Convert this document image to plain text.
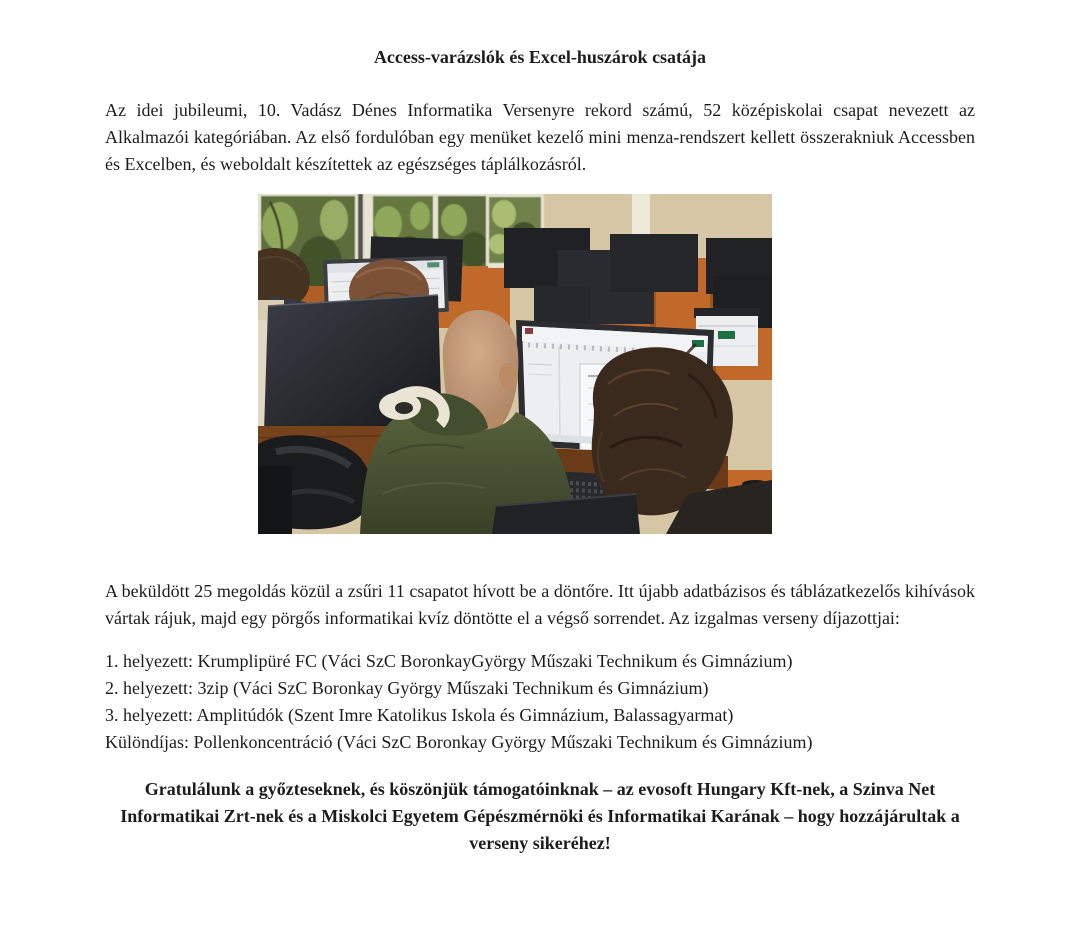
Access-varázslók és Excel-huszárok csatája

Az idei jubileumi, 10. Vadász Dénes Informatika Versenyre rekord számú, 52 középiskolai csapat nevezett az Alkalmazói kategóriában. Az első fordulóban egy menüket kezelő mini menza-rendszert kellett összerakniuk Accessben és Excelben, és weboldalt készítettek az egészséges táplálkozásról.

A beküldött 25 megoldás közül a zsűri 11 csapatot hívott be a döntőre. Itt újabb adatbázisos és táblázatkezelős kihívások vártak rájuk, majd egy pörgős informatikai kvíz döntötte el a végső sorrendet. Az izgalmas verseny díjazottjai:

1. helyezett: Krumplipüré FC (Váci SzC BoronkayGyörgy Műszaki Technikum és Gimnázium)
2. helyezett: 3zip (Váci SzC Boronkay György Műszaki Technikum és Gimnázium)
3. helyezett: Amplitúdók (Szent Imre Katolikus Iskola és Gimnázium, Balassagyarmat)
Különdíjas: Pollenkoncentráció (Váci SzC Boronkay György Műszaki Technikum és Gimnázium)

Gratulálunk a győzteseknek, és köszönjük támogatóinknak – az evosoft Hungary Kft-nek, a Szinva Net Informatikai Zrt-nek és a Miskolci Egyetem Gépészmérnöki és Informatikai Karának – hogy hozzájárultak a verseny sikeréhez!
